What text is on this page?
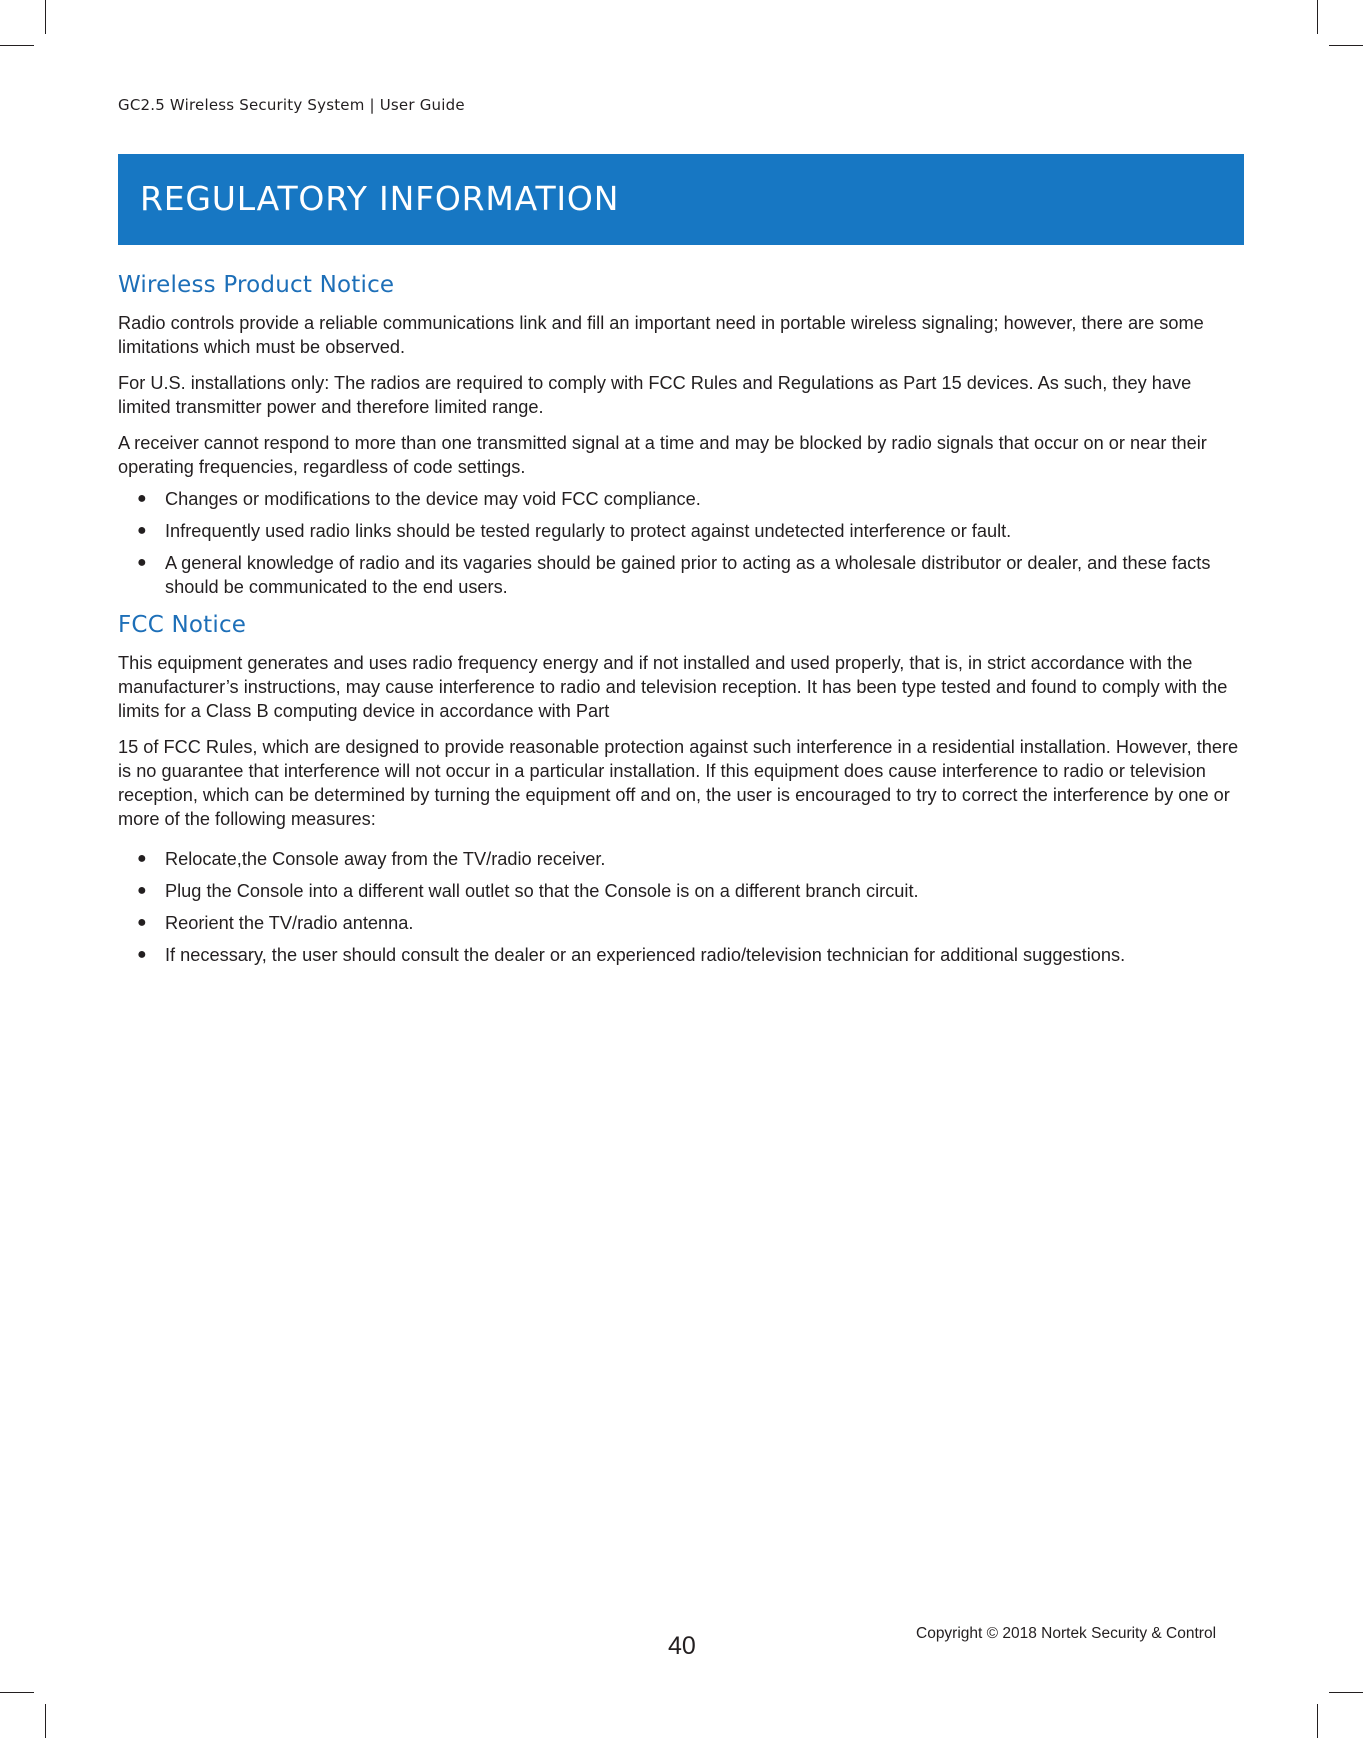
GC2.5 Wireless Security System | User Guide
REGULATORY INFORMATION
Wireless Product Notice

Radio controls provide a reliable communications link and fill an important need in portable wireless signaling; however, there are some limitations which must be observed.

For U.S. installations only: The radios are required to comply with FCC Rules and Regulations as Part 15 devices. As such, they have limited transmitter power and therefore limited range.

A receiver cannot respond to more than one transmitted signal at a time and may be blocked by radio signals that occur on or near their operating frequencies, regardless of code settings.

● Changes or modifications to the device may void FCC compliance.
● Infrequently used radio links should be tested regularly to protect against undetected interference or fault.
● A general knowledge of radio and its vagaries should be gained prior to acting as a wholesale distributor or dealer, and these facts should be communicated to the end users.
FCC Notice

This equipment generates and uses radio frequency energy and if not installed and used properly, that is, in strict accordance with the manufacturer’s instructions, may cause interference to radio and television reception. It has been type tested and found to comply with the limits for a Class B computing device in accordance with Part

15 of FCC Rules, which are designed to provide reasonable protection against such interference in a residential installation. However, there is no guarantee that interference will not occur in a particular installation. If this equipment does cause interference to radio or television reception, which can be determined by turning the equipment off and on, the user is encouraged to try to correct the interference by one or more of the following measures:

● Relocate,the Console away from the TV/radio receiver.
● Plug the Console into a different wall outlet so that the Console is on a different branch circuit.
● Reorient the TV/radio antenna.
● If necessary, the user should consult the dealer or an experienced radio/television technician for additional suggestions.
40	Copyright © 2018 Nortek Security & Control
